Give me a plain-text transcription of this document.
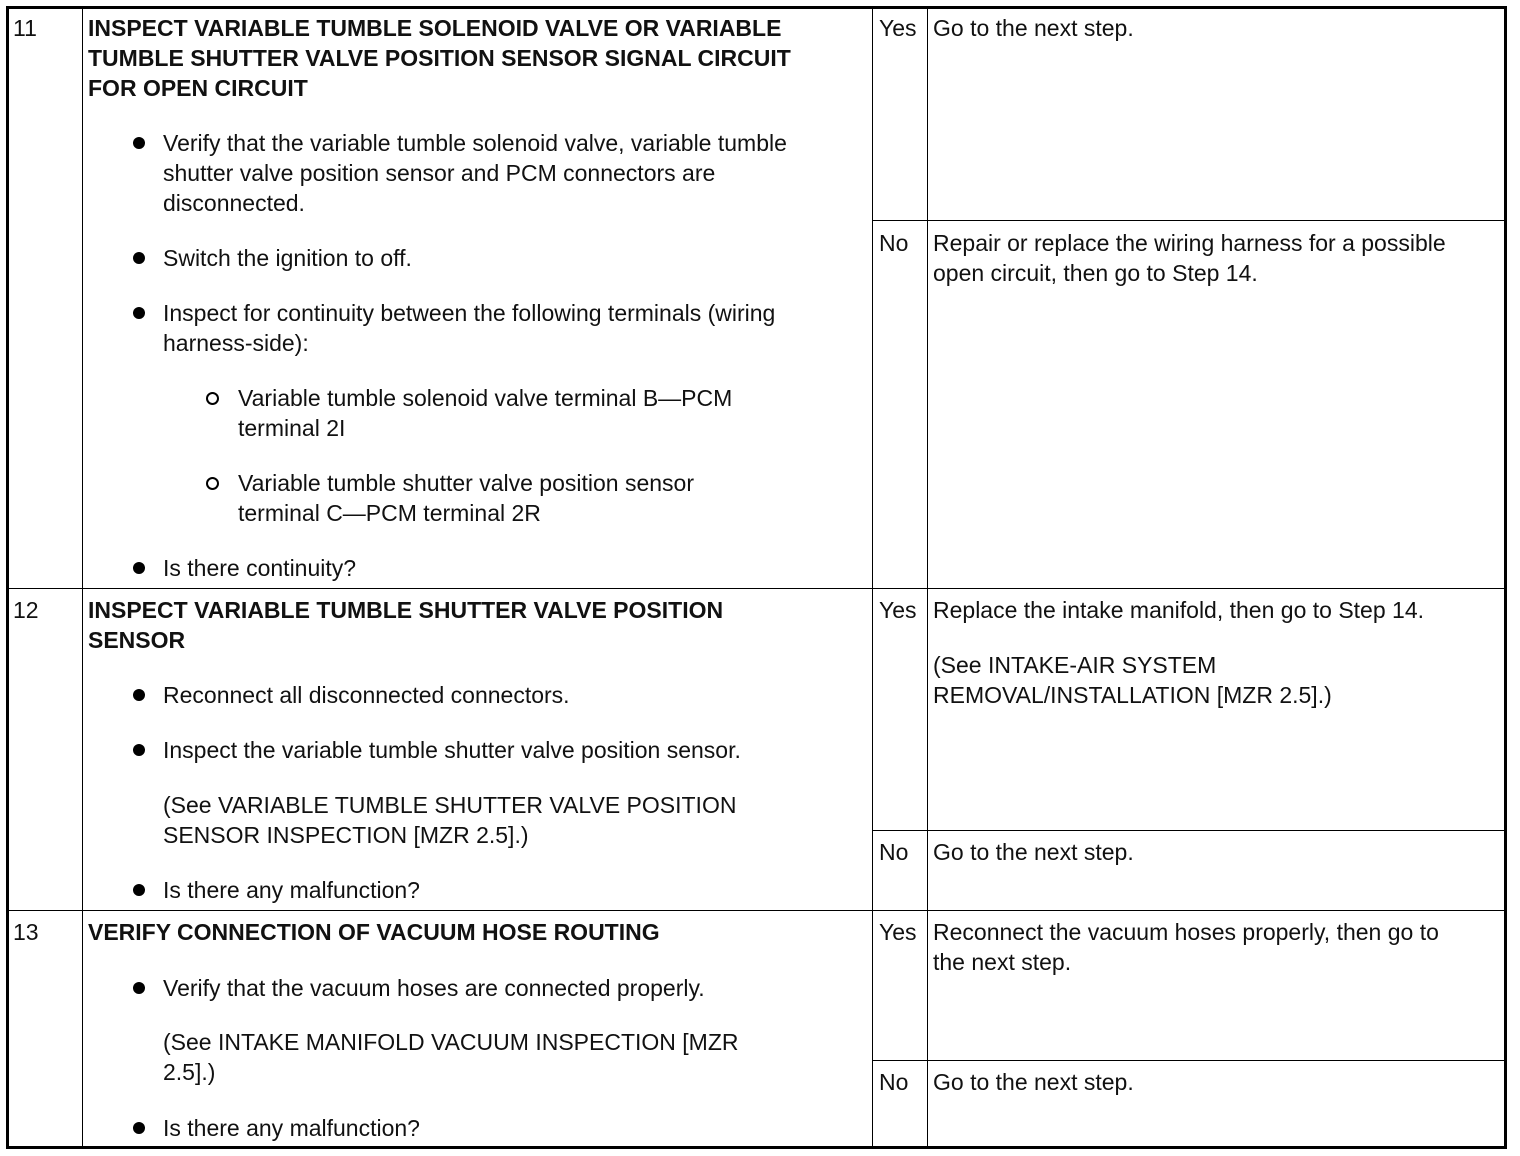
11 INSPECT VARIABLE TUMBLE SOLENOID VALVE OR VARIABLE
TUMBLE SHUTTER VALVE POSITION SENSOR SIGNAL CIRCUIT
FOR OPEN CIRCUIT
Verify that the variable tumble solenoid valve, variable tumble
shutter valve position sensor and PCM connectors are
disconnected.
Switch the ignition to off.
Inspect for continuity between the following terminals (wiring
harness-side):
Variable tumble solenoid valve terminal B—PCM
terminal 2I
Variable tumble shutter valve position sensor
terminal C—PCM terminal 2R
Is there continuity?
Yes Go to the next step.
No Repair or replace the wiring harness for a possible
open circuit, then go to Step 14.
12 INSPECT VARIABLE TUMBLE SHUTTER VALVE POSITION
SENSOR
Reconnect all disconnected connectors.
Inspect the variable tumble shutter valve position sensor.
(See VARIABLE TUMBLE SHUTTER VALVE POSITION
SENSOR INSPECTION [MZR 2.5].)
Is there any malfunction?
Yes Replace the intake manifold, then go to Step 14.
(See INTAKE-AIR SYSTEM
REMOVAL/INSTALLATION [MZR 2.5].)
No Go to the next step.
13 VERIFY CONNECTION OF VACUUM HOSE ROUTING
Verify that the vacuum hoses are connected properly.
(See INTAKE MANIFOLD VACUUM INSPECTION [MZR
2.5].)
Is there any malfunction?
Yes Reconnect the vacuum hoses properly, then go to
the next step.
No Go to the next step.
